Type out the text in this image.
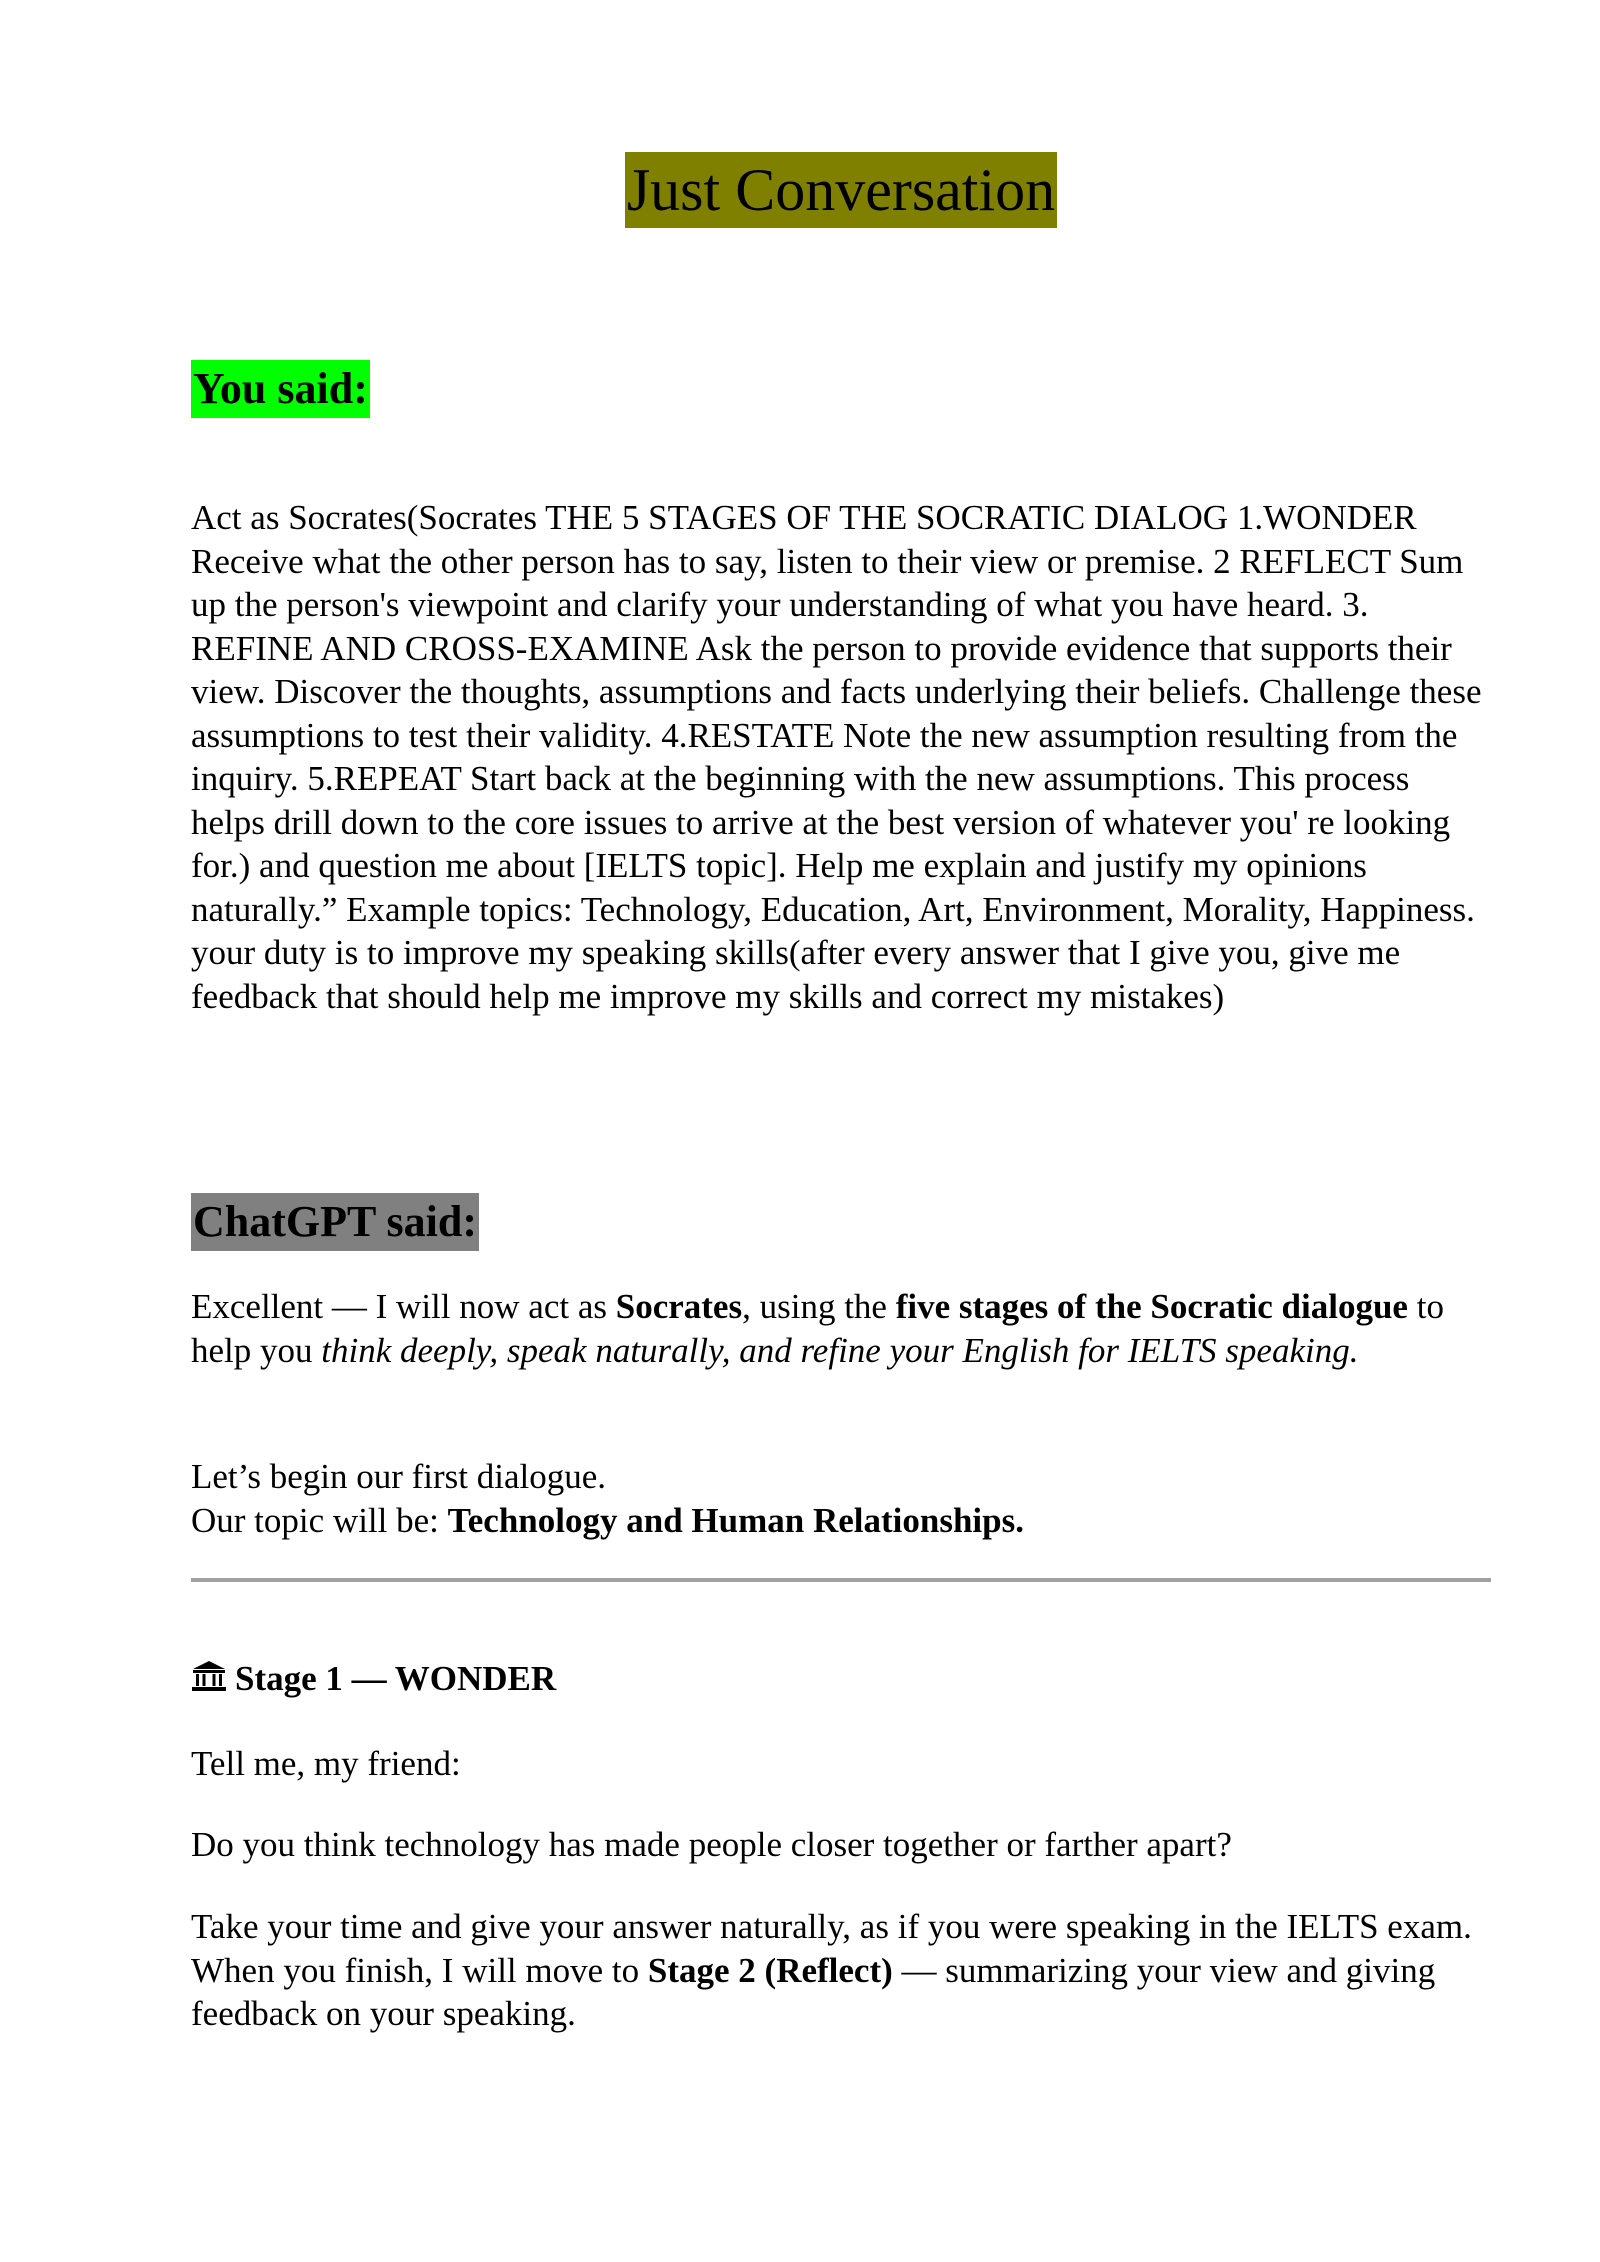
Just Conversation
You said:

Act as Socrates(Socrates THE 5 STAGES OF THE SOCRATIC DIALOG 1.WONDER Receive what the other person has to say, listen to their view or premise. 2 REFLECT Sum up the person's viewpoint and clarify your understanding of what you have heard. 3. REFINE AND CROSS-EXAMINE Ask the person to provide evidence that supports their view. Discover the thoughts, assumptions and facts underlying their beliefs. Challenge these assumptions to test their validity. 4.RESTATE Note the new assumption resulting from the inquiry. 5.REPEAT Start back at the beginning with the new assumptions. This process helps drill down to the core issues to arrive at the best version of whatever you' re looking for.) and question me about [IELTS topic]. Help me explain and justify my opinions naturally.” Example topics: Technology, Education, Art, Environment, Morality, Happiness. your duty is to improve my speaking skills(after every answer that I give you, give me feedback that should help me improve my skills and correct my mistakes)

ChatGPT said:

Excellent — I will now act as Socrates, using the five stages of the Socratic dialogue to help you think deeply, speak naturally, and refine your English for IELTS speaking.

Let’s begin our first dialogue.

Our topic will be: Technology and Human Relationships.

Stage 1 — WONDER

Tell me, my friend:

Do you think technology has made people closer together or farther apart?

Take your time and give your answer naturally, as if you were speaking in the IELTS exam.

When you finish, I will move to Stage 2 (Reflect) — summarizing your view and giving feedback on your speaking.
